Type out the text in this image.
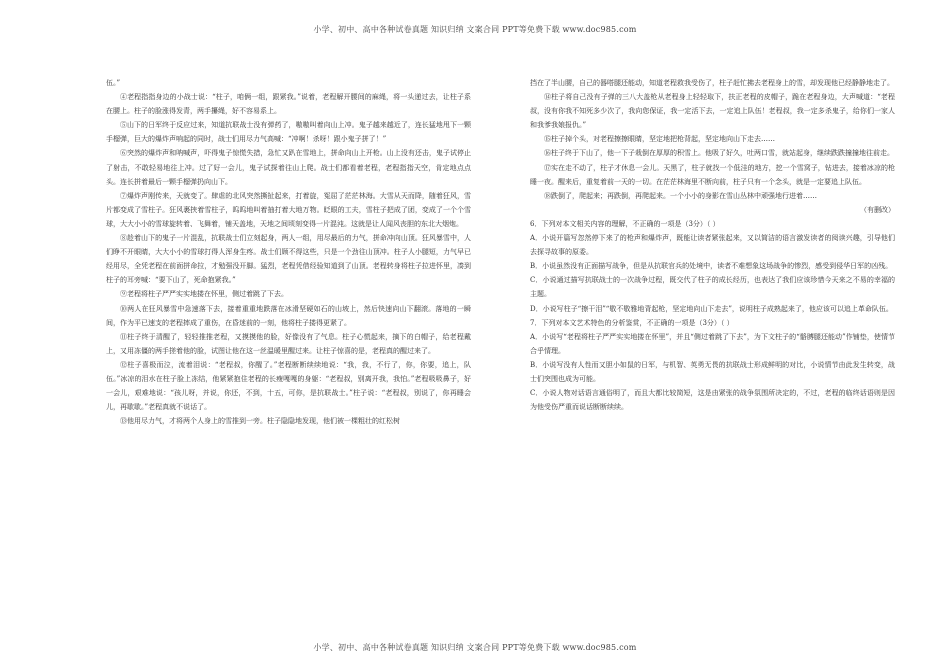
小学、初中、高中各种试卷真题 知识归纳 文案合同 PPT等免费下载 www.doc985.com

伍。”

④老程指指身边的小战士说：“柱子，咱俩一组，跟紧我。”说着，老程解开腰间的麻绳，将一头递过去，让柱子系在腰上。柱子的脸涨得发青，两手攥绳，好不容易系上。

⑤山下的日军终于反应过来，知道抗联战士没有弹药了，嗷嗷叫着向山上冲。鬼子越来越近了，连长猛地甩下一颗手榴弹，巨大的爆炸声响起的同时，战士们用尽力气高喊：“冲啊！杀呀！跟小鬼子拼了！”

⑥突然的爆炸声和呐喊声，吓得鬼子惊慌失措，急忙又趴在雪地上，拼命向山上开枪。山上没有还击，鬼子试停止了射击，不敢轻易地往上冲。过了好一会儿，鬼子试探着往山上爬。战士们都看着老程，老程指指天空，肯定地点点头。连长拼着最后一颗手榴弹扔向山下。

⑦爆炸声刚传来，天就变了。肆虐的北风突然撕扯起来，打着旋，冤屈了茫茫林海。大雪从天而降，随着狂风，雪片都变成了雪柱子。狂风裹挟着雪柱子，呜呜地叫着抽打着大地万物。眨眼的工夫，雪柱子把成了团，变成了一个个雪球，大大小小的雪球旋转着、飞舞着，铺天盖地，天地之间顷刻变得一片混沌。这就是让人闻风丧胆的东北大烟炮。

⑧趁着山下的鬼子一片混乱，抗联战士们立刻起身，两人一组，用尽最后的力气，拼命冲向山顶。狂风暴雪中，人们睁不开眼睛，大大小小的雪球打得人浑身生疼。战士们顾不得这些，只是一个劲往山顶冲。柱子人小腿短，力气早已经用尽，全凭老程在前面拼命拉，才勉强没开脚。猛烈，老程凭借经验知道到了山顶。老程转身将柱子拉进怀里，凑到柱子的耳旁喊：“要下山了，死命抱紧我。”

⑨老程将柱子严严实实地搂在怀里，侧过着跳了下去。

⑩两人在狂风暴雪中急速落下去，接着重重地跌落在冰滑坚硬如石的山坡上，然后快速向山下翻滚。落地的一瞬间，作为平已速支的老程摔成了重伤，在昏迷前的一刻，他将柱子搂得更紧了。

⑪柱子终于清醒了，轻轻推推老程，又摸摸他的脸，好像没有了气息。柱子心慌起来，摘下的白帽子，给老程戴上，又用冻僵的两手搓着他的脸，试图让他在这一丝温暖里醒过来。让柱子惊喜的是，老程真的醒过来了。

⑫柱子喜极而泣，流着泪说：“老程叔，你醒了。”老程断断续续地说：“我，我，不行了，你，你要，追上，队伍。”冰凉的泪水在柱子脸上冻结，他紧紧抱住老程的长瘦嘎嘎的身躯：“老程叔，别离开我，我怕。”老程吸吸鼻子，好一会儿，艰难地说：“孩儿呀，并说，你还，不到，十五，可你，是抗联战士。”柱子说：“老程叔，别说了，你再睡会儿，再歇歇。”老程真就不说话了。

⑬他用尽力气，才将两个人身上的雪推到一旁。柱子隐隐地发现，他们被一棵粗壮的红松树

挡在了半山腰，自己的器嗒腿还能动，知道老程救我受伤了，柱子赶忙拂去老程身上的雪，却发现他已经静静地走了。

⑭柱子将自己没有子弹的三八大盖枪从老程身上轻轻取下，扶正老程的皮帽子，跪在老程身边，大声喊道：“老程叔，没有你我不知死多少次了，我向您保证，我一定活下去，一定追上队伍！老程叔，我一定多杀鬼子，给你们一家人和我爹我娘报仇。”

⑮柱子掉个头，对老程擦擦眼睛，坚定地把枪背起，坚定地向山下走去……

⑯柱子终于下山了，他一下子栽倒在厚厚的积雪上。他吸了好久，吐两口雪，就站起身，继续跌跌撞撞地往前走。

⑰实在走不动了，柱子才休息一会儿。天黑了，柱子就找一个低洼的地方，挖一个雪窝子，钻进去，接着冰凉的枪睡一夜。醒来后，重复着前一天的一切。在茫茫林海里不断向前，柱子只有一个念头，就是一定要追上队伍。

⑱跌倒了，爬起来；再跌倒，再爬起来。一个小小的身影在雪山丛林中顽强地行进着……

（有删改）

6．下列对本文相关内容的理解，不正确的一项是（3分）（ ）

A．小说开篇写忽然停下来了的枪声和爆炸声，既能让读者紧张起来，又以简洁的语言激发读者的阅读兴趣，引导他们去探寻故事的原委。

B．小说虽然没有正面描写战争，但是从抗联官兵的处境中，读者不难想象这场战争的惨烈，感受到侵华日军的凶残。

C．小说通过描写抗联战士的一次战争过程，既交代了柱子的成长经历，也表达了我们应该珍惜今天来之不易的幸福的主题。

D．小说写柱子“擦干泪”“敬不敬雅地背起枪，坚定地向山下走去”，说明柱子成熟起来了，他应该可以追上革命队伍。

7．下列对本文艺术特色的分析鉴赏，不正确的一项是（3分）（ ）

A．小说写“老程将柱子严严实实地搂在怀里”，并且“侧过着跳了下去”，为下文柱子的“骼膊腿还能动”作铺垫，使情节合乎情理。

B．小说写没有人性而又胆小如鼠的日军，与机智、英勇无畏的抗联战士形成鲜明的对比，小说情节由此发生转变，战士们突围也成为可能。

C．小说人物对话语言通俗明了，而且大都比较简短，这是由紧张的战争氛围所决定的，不过，老程的临终话语则是因为他受伤严重而说话断断续续。

小学、初中、高中各种试卷真题 知识归纳 文案合同 PPT等免费下载 www.doc985.com
